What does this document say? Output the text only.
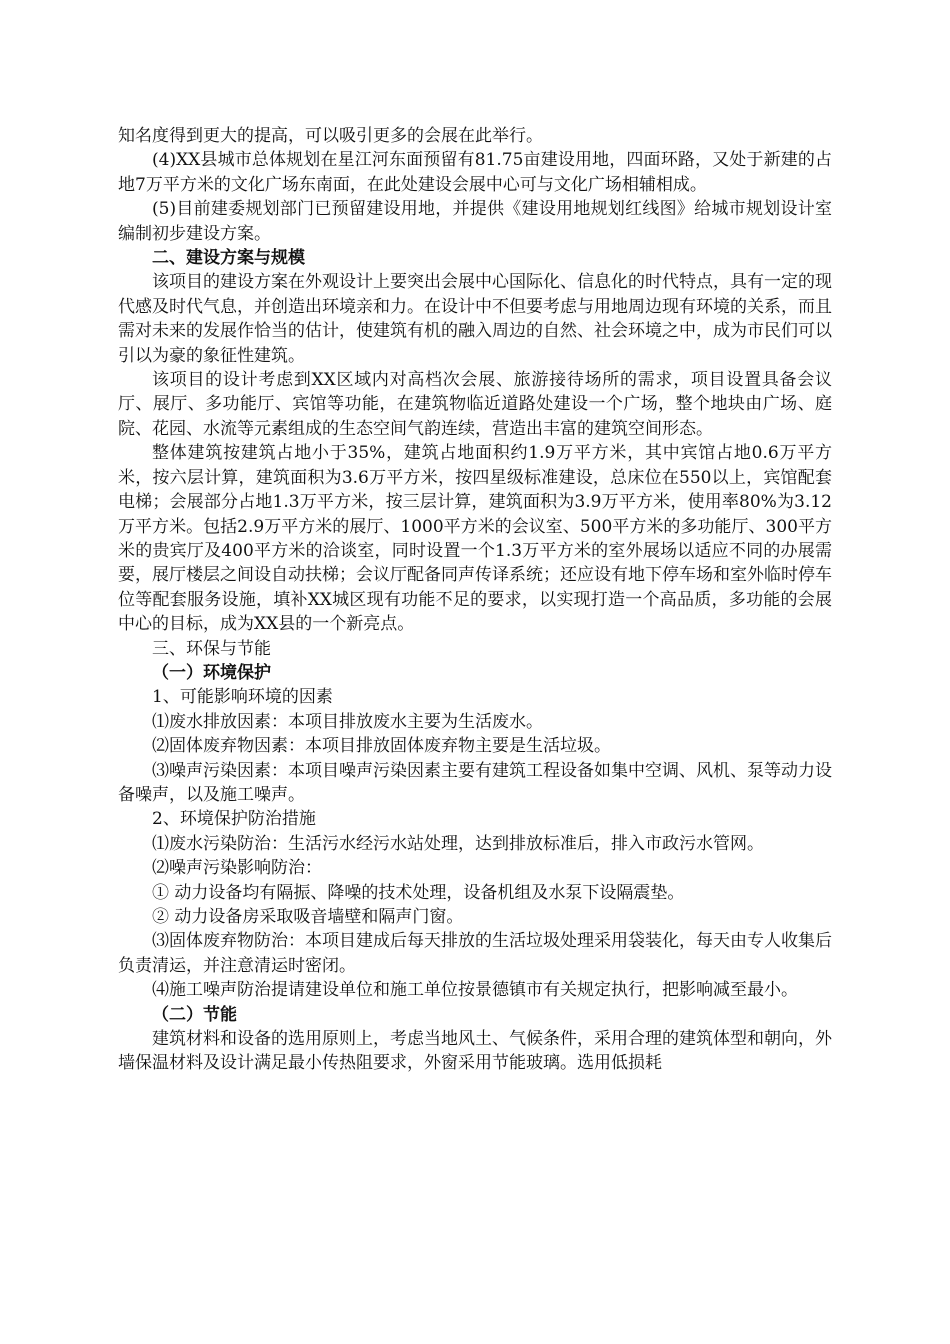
知名度得到更大的提高，可以吸引更多的会展在此举行。

(4)XX县城市总体规划在星江河东面预留有81.75亩建设用地，四面环路，又处于新建的占地7万平方米的文化广场东南面，在此处建设会展中心可与文化广场相辅相成。

(5)目前建委规划部门已预留建设用地，并提供《建设用地规划红线图》给城市规划设计室编制初步建设方案。

二、建设方案与规模

该项目的建设方案在外观设计上要突出会展中心国际化、信息化的时代特点，具有一定的现代感及时代气息，并创造出环境亲和力。在设计中不但要考虑与用地周边现有环境的关系，而且需对未来的发展作恰当的估计，使建筑有机的融入周边的自然、社会环境之中，成为市民们可以引以为豪的象征性建筑。

该项目的设计考虑到XX区域内对高档次会展、旅游接待场所的需求，项目设置具备会议厅、展厅、多功能厅、宾馆等功能，在建筑物临近道路处建设一个广场，整个地块由广场、庭院、花园、水流等元素组成的生态空间气韵连续，营造出丰富的建筑空间形态。

整体建筑按建筑占地小于35%，建筑占地面积约1.9万平方米，其中宾馆占地0.6万平方米，按六层计算，建筑面积为3.6万平方米，按四星级标准建设，总床位在550以上，宾馆配套电梯；会展部分占地1.3万平方米，按三层计算，建筑面积为3.9万平方米，使用率80%为3.12万平方米。包括2.9万平方米的展厅、1000平方米的会议室、500平方米的多功能厅、300平方米的贵宾厅及400平方米的洽谈室，同时设置一个1.3万平方米的室外展场以适应不同的办展需要，展厅楼层之间设自动扶梯；会议厅配备同声传译系统；还应设有地下停车场和室外临时停车位等配套服务设施，填补XX城区现有功能不足的要求，以实现打造一个高品质，多功能的会展中心的目标，成为XX县的一个新亮点。

三、环保与节能

（一）环境保护

1、可能影响环境的因素

⑴废水排放因素：本项目排放废水主要为生活废水。

⑵固体废弃物因素：本项目排放固体废弃物主要是生活垃圾。

⑶噪声污染因素：本项目噪声污染因素主要有建筑工程设备如集中空调、风机、泵等动力设备噪声，以及施工噪声。

2、环境保护防治措施

⑴废水污染防治：生活污水经污水站处理，达到排放标准后，排入市政污水管网。

⑵噪声污染影响防治：

① 动力设备均有隔振、降噪的技术处理，设备机组及水泵下设隔震垫。

② 动力设备房采取吸音墙壁和隔声门窗。

⑶固体废弃物防治：本项目建成后每天排放的生活垃圾处理采用袋装化，每天由专人收集后负责清运，并注意清运时密闭。

⑷施工噪声防治提请建设单位和施工单位按景德镇市有关规定执行，把影响减至最小。

（二）节能

建筑材料和设备的选用原则上，考虑当地风土、气候条件，采用合理的建筑体型和朝向，外墙保温材料及设计满足最小传热阻要求，外窗采用节能玻璃。选用低损耗
